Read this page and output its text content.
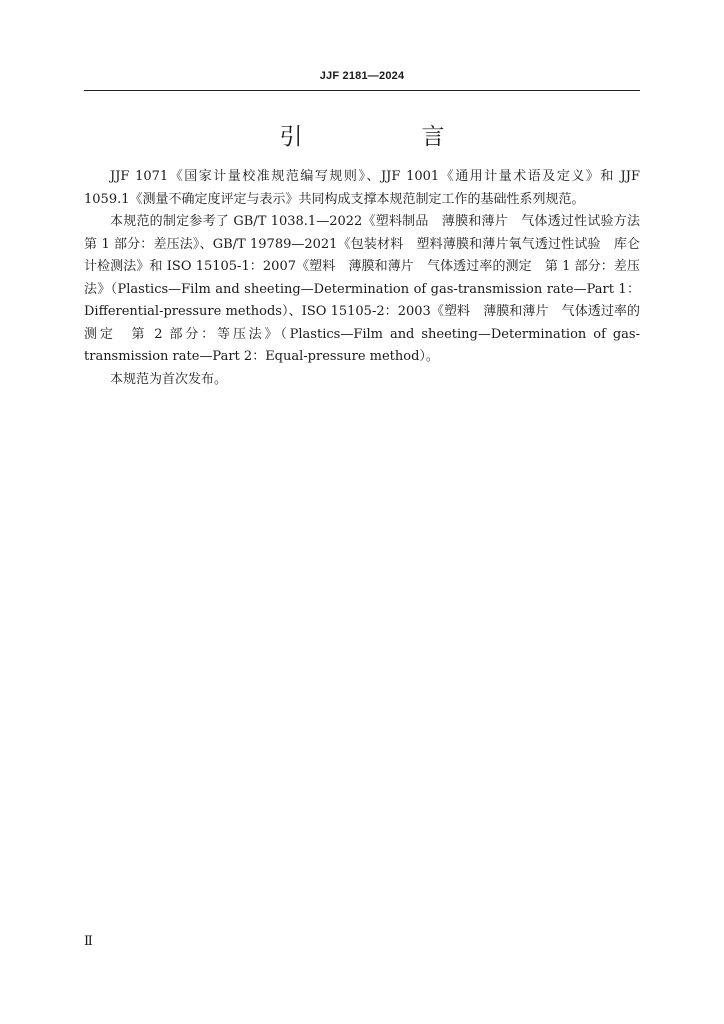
JJF 2181—2024
引　言

JJF 1071《国家计量校准规范编写规则》、JJF 1001《通用计量术语及定义》和 JJF 1059.1《测量不确定度评定与表示》共同构成支撑本规范制定工作的基础性系列规范。

本规范的制定参考了 GB/T 1038.1—2022《塑料制品　薄膜和薄片　气体透过性试验方法　第 1 部分：差压法》、GB/T 19789—2021《包装材料　塑料薄膜和薄片氧气透过性试验　库仑计检测法》和 ISO 15105-1：2007《塑料　薄膜和薄片　气体透过率的测定　第 1 部分：差压法》（Plastics—Film and sheeting—Determination of gas-transmission rate—Part 1：Differential-pressure methods）、ISO 15105-2：2003《塑料　薄膜和薄片　气体透过率的测定　第 2 部分：等压法》（Plastics—Film and sheeting—Determination of gas-transmission rate—Part 2：Equal-pressure method）。

本规范为首次发布。

Ⅱ
